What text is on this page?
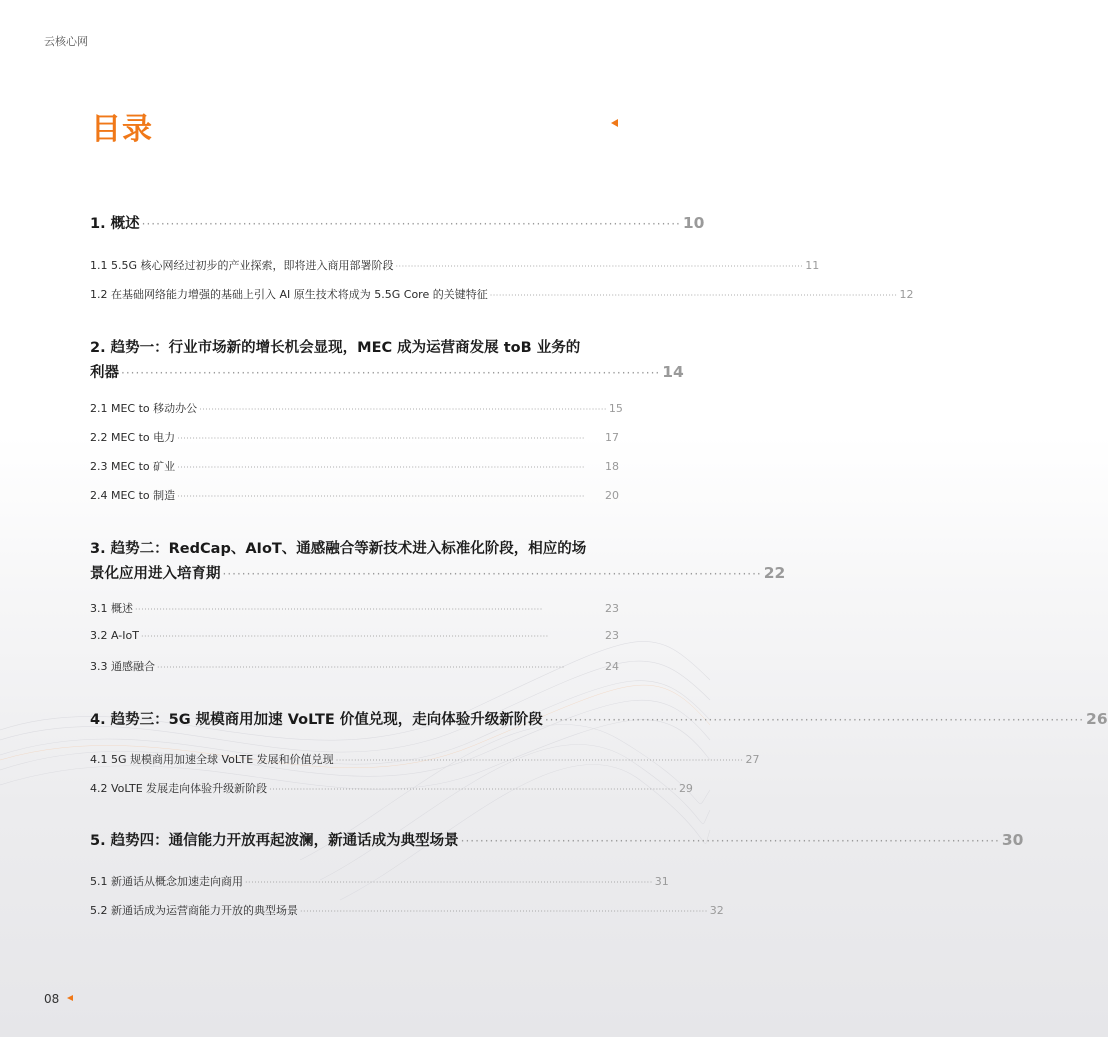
云核心网
目录
1. 概述 ················································································································ 10
1.1 5.5G 核心网经过初步的产业探索，即将进入商用部署阶段 ······································································································································ 11
1.2 在基础网络能力增强的基础上引入 AI 原生技术将成为 5.5G Core 的关键特征 ······································································································································ 12
2. 趋势一：行业市场新的增长机会显现，MEC 成为运营商发展 toB 业务的
利器 ················································································································ 14
2.1 MEC to 移动办公 ······································································································································ 15
2.2 MEC to 电力 ······································································································································	17
2.3 MEC to 矿业 ······································································································································	18
2.4 MEC to 制造 ······································································································································	20
3. 趋势二：RedCap、AIoT、通感融合等新技术进入标准化阶段，相应的场
景化应用进入培育期 ················································································································ 22
3.1 概述 ······································································································································	23
3.2 A-IoT ······································································································································	23
3.3 通感融合 ······································································································································	24
4. 趋势三：5G 规模商用加速 VoLTE 价值兑现，走向体验升级新阶段 ················································································································ 26
4.1 5G 规模商用加速全球 VoLTE 发展和价值兑现 ······································································································································ 27
4.2 VoLTE 发展走向体验升级新阶段 ······································································································································ 29
5. 趋势四：通信能力开放再起波澜，新通话成为典型场景 ················································································································ 30
5.1 新通话从概念加速走向商用 ······································································································································ 31
5.2 新通话成为运营商能力开放的典型场景 ······································································································································ 32
08
